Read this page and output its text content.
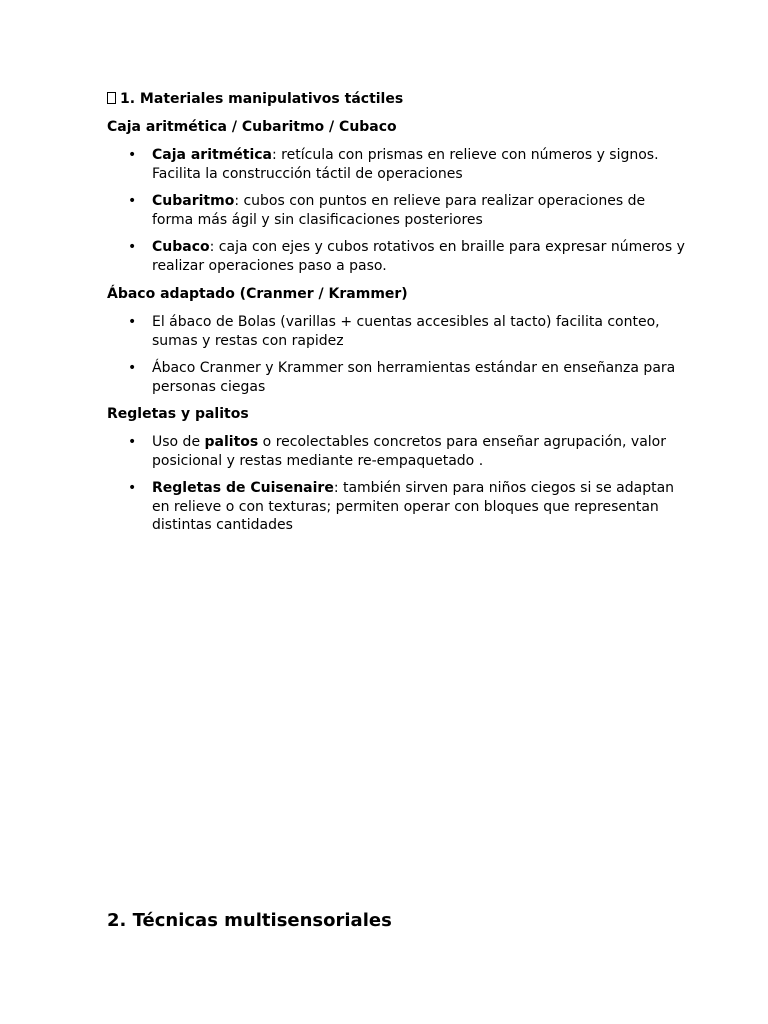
1. Materiales manipulativos táctiles
Caja aritmética / Cubaritmo / Cubaco
• Caja aritmética: retícula con prismas en relieve con números y signos. Facilita la construcción táctil de operaciones
• Cubaritmo: cubos con puntos en relieve para realizar operaciones de forma más ágil y sin clasificaciones posteriores
• Cubaco: caja con ejes y cubos rotativos en braille para expresar números y realizar operaciones paso a paso.
Ábaco adaptado (Cranmer / Krammer)
• El ábaco de Bolas (varillas + cuentas accesibles al tacto) facilita conteo, sumas y restas con rapidez
• Ábaco Cranmer y Krammer son herramientas estándar en enseñanza para personas ciegas
Regletas y palitos
• Uso de palitos o recolectables concretos para enseñar agrupación, valor posicional y restas mediante re-empaquetado .
• Regletas de Cuisenaire: también sirven para niños ciegos si se adaptan en relieve o con texturas; permiten operar con bloques que representan distintas cantidades
2. Técnicas multisensoriales
